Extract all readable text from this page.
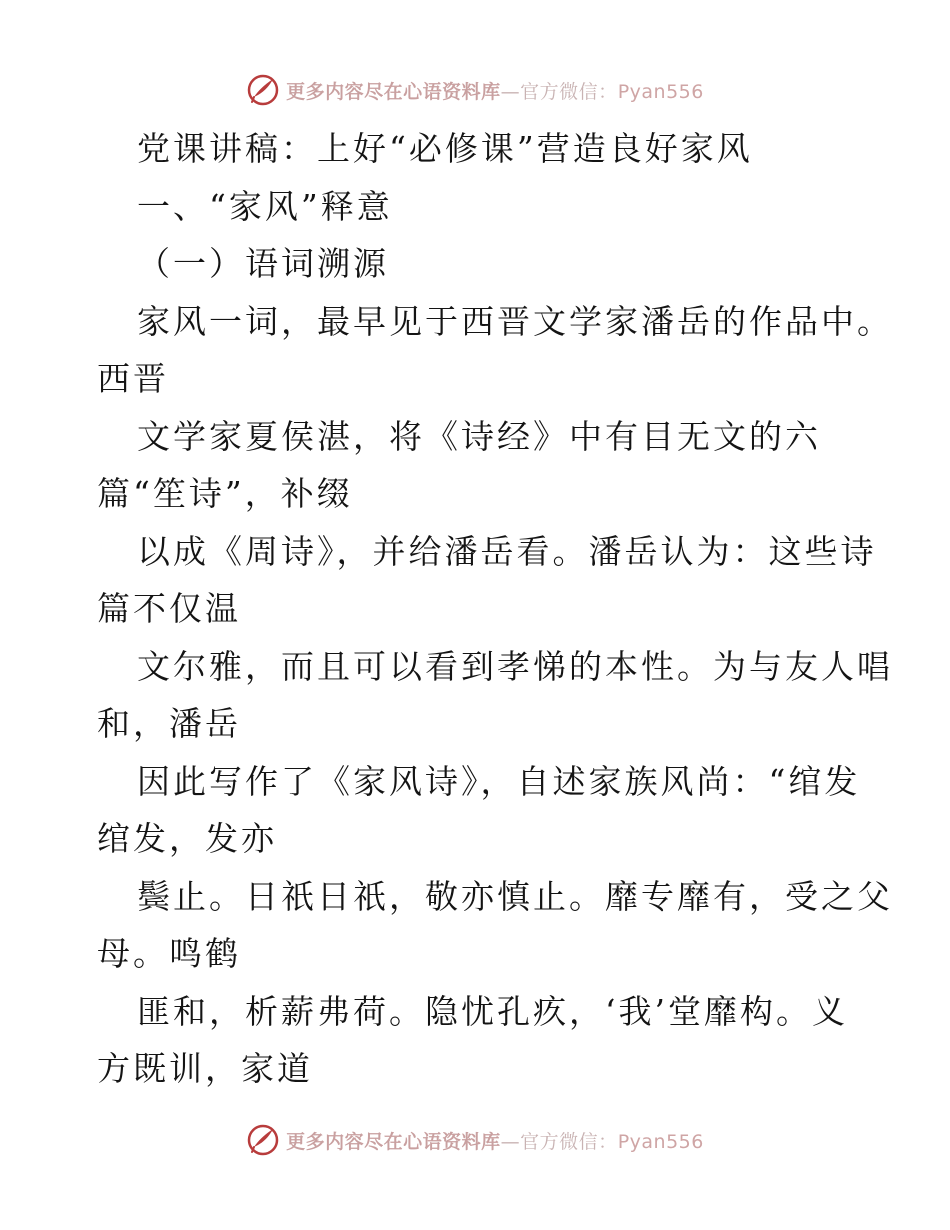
更多内容尽在心语资料库—官方微信：Pyan556
党课讲稿：上好“必修课”营造良好家风
一、“家风”释意
（一）语词溯源
家风一词，最早见于西晋文学家潘岳的作品中。
西晋
文学家夏侯湛，将《诗经》中有目无文的六
篇“笙诗”，补缀
以成《周诗》，并给潘岳看。潘岳认为：这些诗
篇不仅温
文尔雅，而且可以看到孝悌的本性。为与友人唱
和，潘岳
因此写作了《家风诗》，自述家族风尚：“绾发
绾发，发亦
鬓止。日祇日祇，敬亦慎止。靡专靡有，受之父
母。鸣鹤
匪和，析薪弗荷。隐忧孔疚，‘我’堂靡构。义
方既训，家道
更多内容尽在心语资料库—官方微信：Pyan556
